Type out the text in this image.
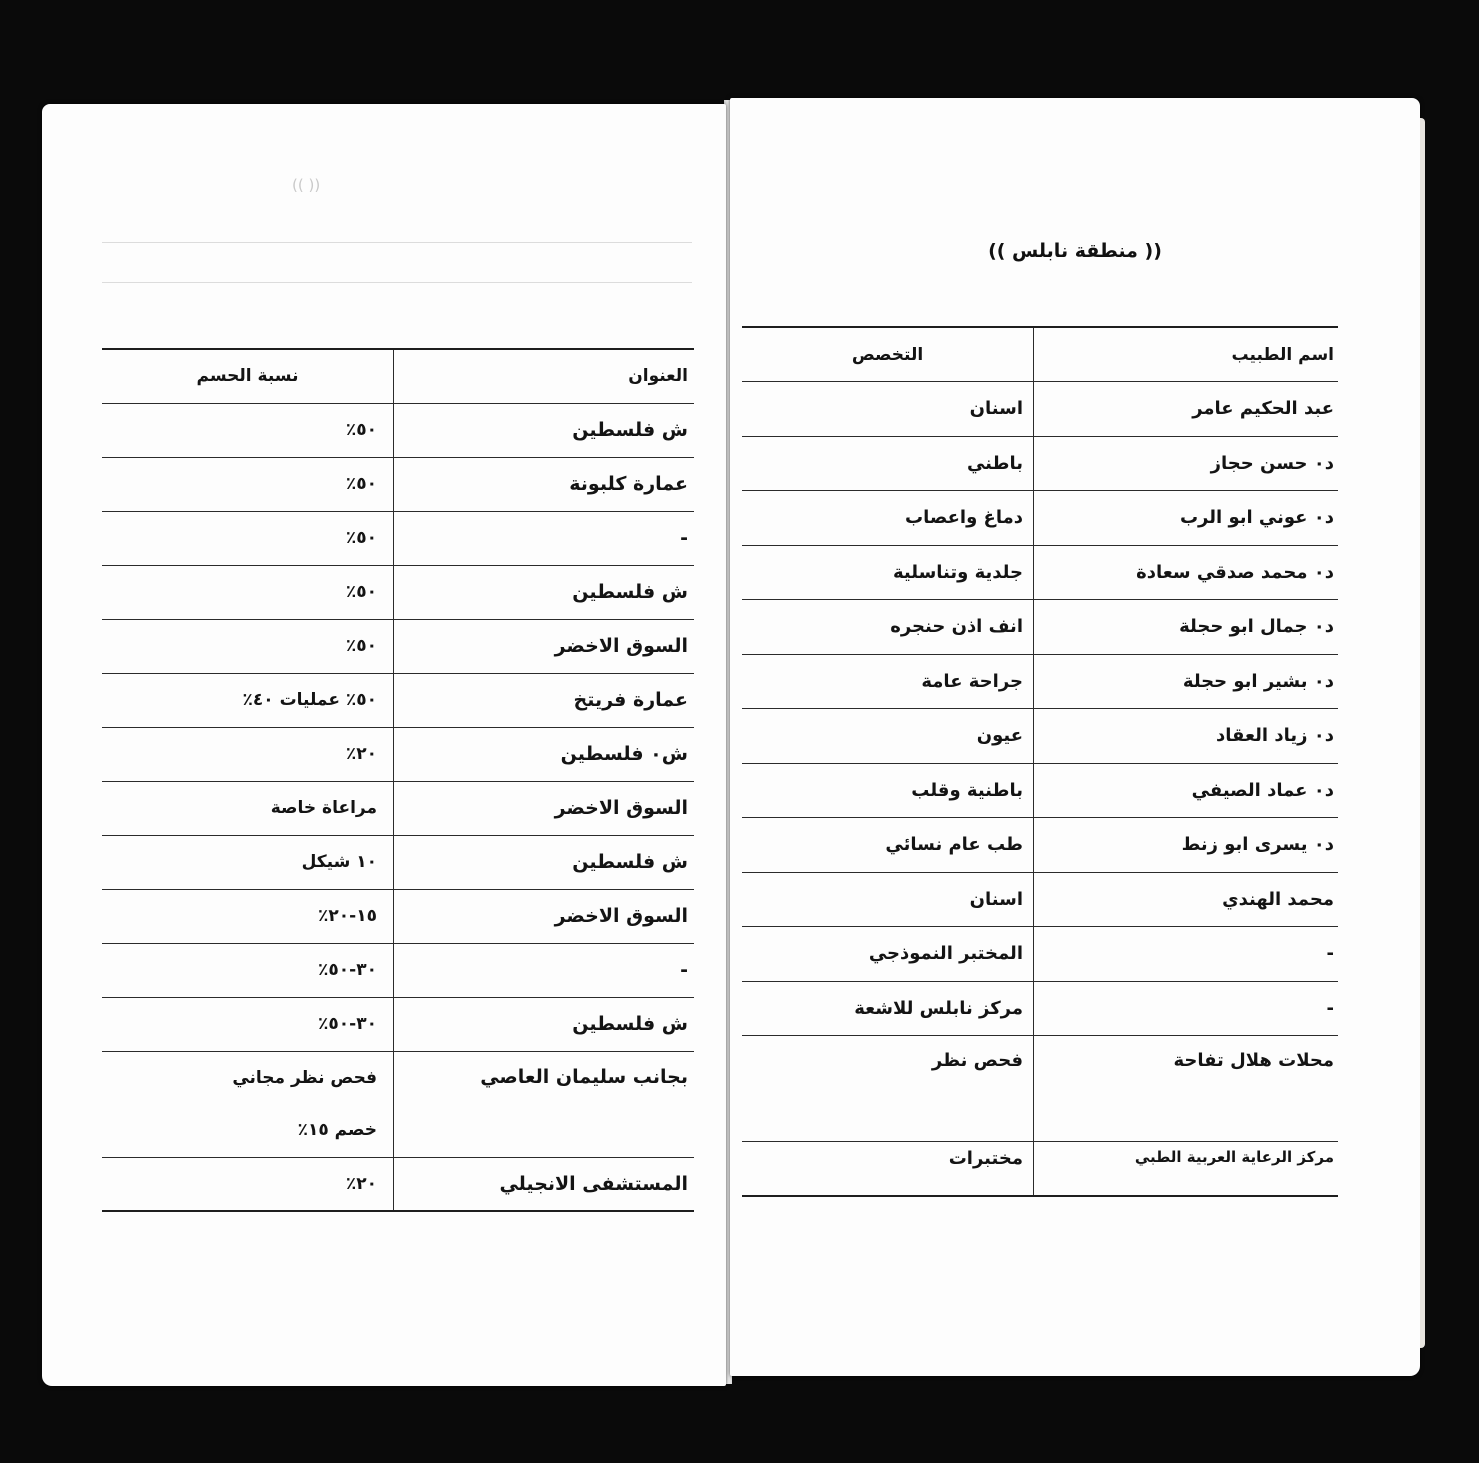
(( ))
العنوان	نسبة الحسم
ش فلسطين	٥٠٪
عمارة كلبونة	٥٠٪
-	٥٠٪
ش فلسطين	٥٠٪
السوق الاخضر	٥٠٪
عمارة فريتخ	٥٠٪ عمليات ٤٠٪
ش٠ فلسطين	٢٠٪
السوق الاخضر	مراعاة خاصة
ش فلسطين	١٠ شيكل
السوق الاخضر	١٥-٢٠٪
-	٣٠-٥٠٪
ش فلسطين	٣٠-٥٠٪
بجانب سليمان العاصي	فحص نظر مجاني
خصم ١٥٪

المستشفى الانجيلي	٢٠٪
(( منطقة نابلس ))
اسم الطبيب	التخصص
عبد الحكيم عامر	اسنان
د٠ حسن حجاز	باطني
د٠ عوني ابو الرب	دماغ واعصاب
د٠ محمد صدقي سعادة	جلدية وتناسلية
د٠ جمال ابو حجلة	انف اذن حنجره
د٠ بشير ابو حجلة	جراحة عامة
د٠ زياد العقاد	عيون
د٠ عماد الصيفي	باطنية وقلب
د٠ يسرى ابو زنط	طب عام نسائي
محمد الهندي	اسنان
-	المختبر النموذجي
-	مركز نابلس للاشعة
محلات هلال تفاحة	فحص نظر
مركز الرعاية العربية الطبي	مختبرات
